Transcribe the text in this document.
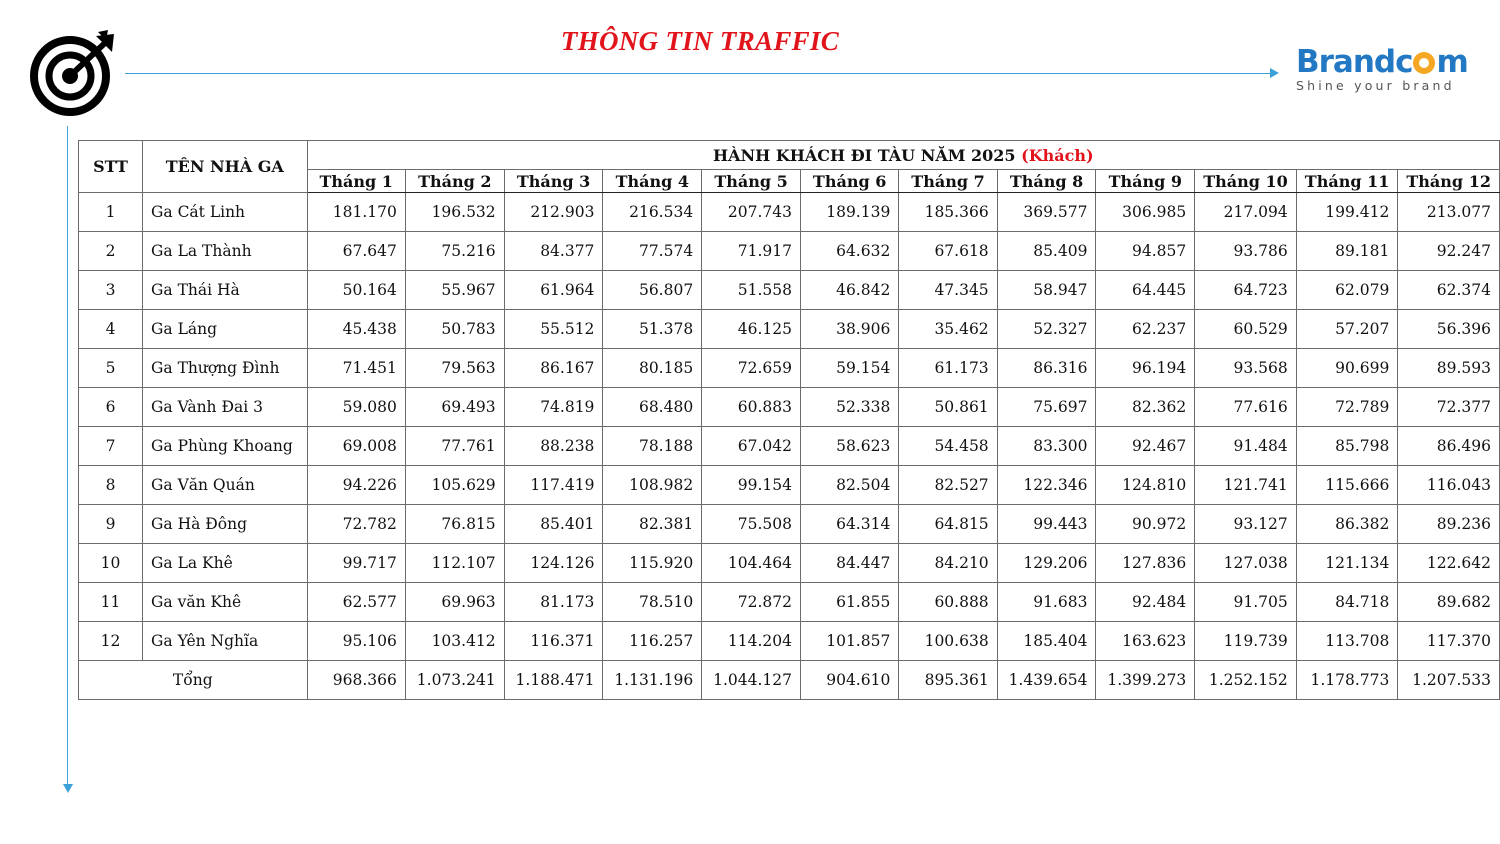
THÔNG TIN TRAFFIC
Brandc m
Shine your brand
STT	TÊN NHÀ GA	HÀNH KHÁCH ĐI TÀU NĂM 2025 (Khách)											
		Tháng 1	Tháng 2	Tháng 3	Tháng 4	Tháng 5	Tháng 6	Tháng 7	Tháng 8	Tháng 9	Tháng 10	Tháng 11	Tháng 12
1	Ga Cát Linh	181.170	196.532	212.903	216.534	207.743	189.139	185.366	369.577	306.985	217.094	199.412	213.077
2	Ga La Thành	67.647	75.216	84.377	77.574	71.917	64.632	67.618	85.409	94.857	93.786	89.181	92.247
3	Ga Thái Hà	50.164	55.967	61.964	56.807	51.558	46.842	47.345	58.947	64.445	64.723	62.079	62.374
4	Ga Láng	45.438	50.783	55.512	51.378	46.125	38.906	35.462	52.327	62.237	60.529	57.207	56.396
5	Ga Thượng Đình	71.451	79.563	86.167	80.185	72.659	59.154	61.173	86.316	96.194	93.568	90.699	89.593
6	Ga Vành Đai 3	59.080	69.493	74.819	68.480	60.883	52.338	50.861	75.697	82.362	77.616	72.789	72.377
7	Ga Phùng Khoang	69.008	77.761	88.238	78.188	67.042	58.623	54.458	83.300	92.467	91.484	85.798	86.496
8	Ga Văn Quán	94.226	105.629	117.419	108.982	99.154	82.504	82.527	122.346	124.810	121.741	115.666	116.043
9	Ga Hà Đông	72.782	76.815	85.401	82.381	75.508	64.314	64.815	99.443	90.972	93.127	86.382	89.236
10	Ga La Khê	99.717	112.107	124.126	115.920	104.464	84.447	84.210	129.206	127.836	127.038	121.134	122.642
11	Ga văn Khê	62.577	69.963	81.173	78.510	72.872	61.855	60.888	91.683	92.484	91.705	84.718	89.682
12	Ga Yên Nghĩa	95.106	103.412	116.371	116.257	114.204	101.857	100.638	185.404	163.623	119.739	113.708	117.370
Tổng		968.366	1.073.241	1.188.471	1.131.196	1.044.127	904.610	895.361	1.439.654	1.399.273	1.252.152	1.178.773	1.207.533
